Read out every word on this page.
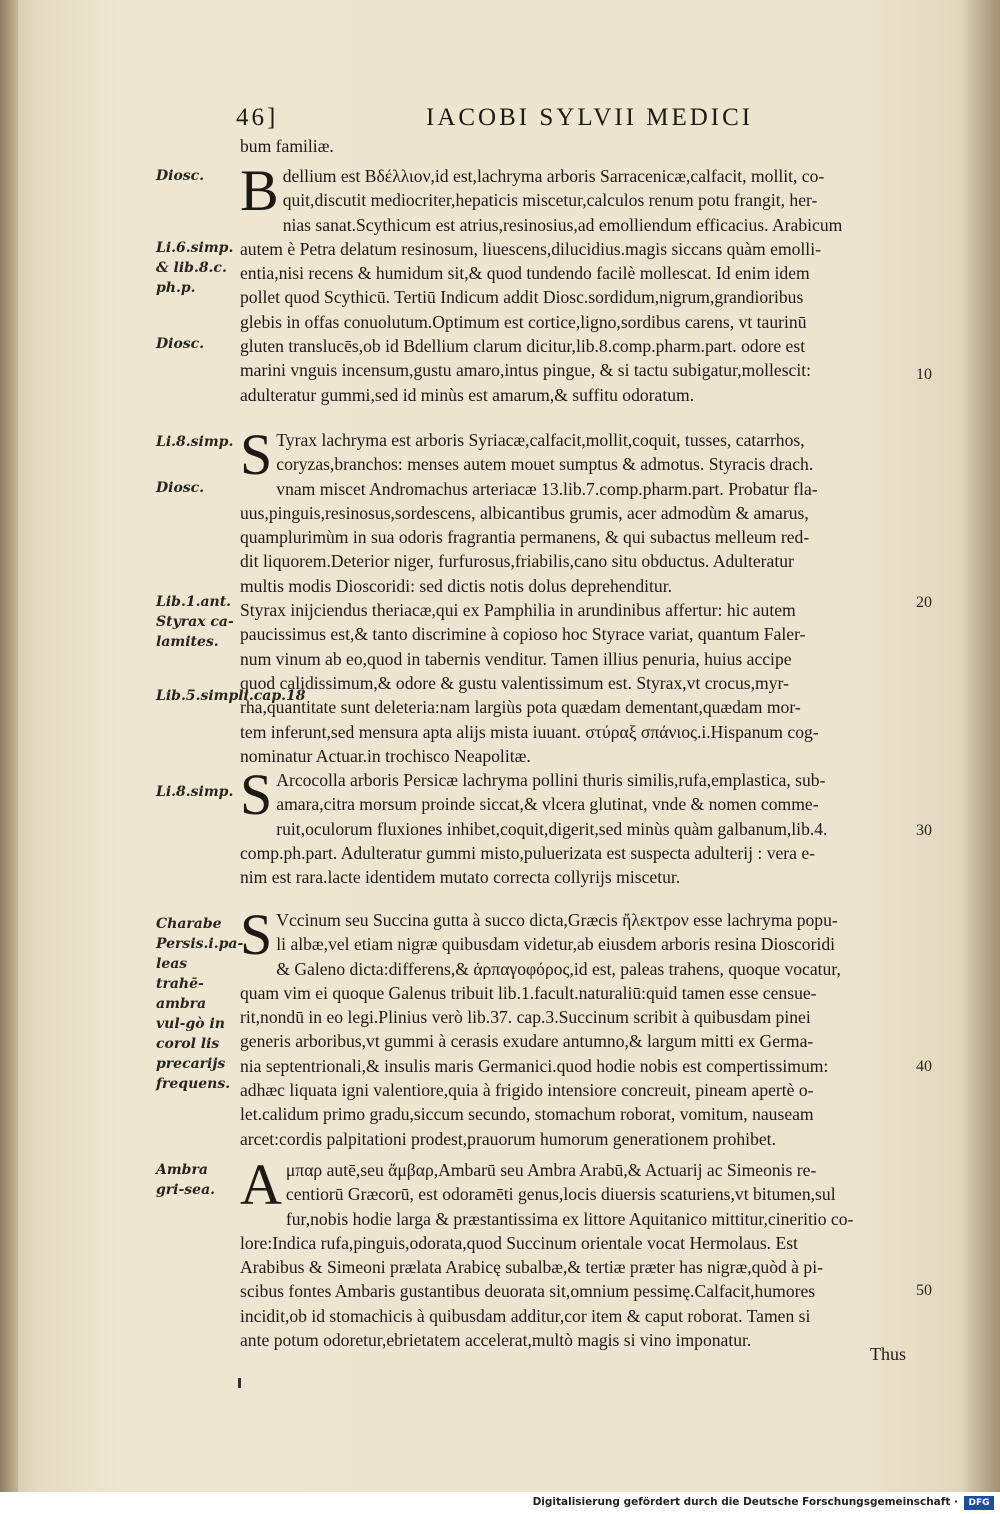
46]	IACOBI SYLVII MEDICI
bum familiæ.
B dellium est Βδέλλιον,id est,lachryma arboris Sarracenicæ,calfacit, mollit, co-
quit,discutit mediocriter,hepaticis miscetur,calculos renum potu frangit, her-
nias sanat.Scythicum est atrius,resinosius,ad emolliendum efficacius. Arabicum
autem è Petra delatum resinosum, liuescens,dilucidius.magis siccans quàm emolli-
entia,nisi recens & humidum sit,& quod tundendo facilè mollescat. Id enim idem
pollet quod Scythicū. Tertiū Indicum addit Diosc.sordidum,nigrum,grandioribus
glebis in offas conuolutum.Optimum est cortice,ligno,sordibus carens, vt taurinū
gluten translucēs,ob id Bdellium clarum dicitur,lib.8.comp.pharm.part. odore est
marini vnguis incensum,gustu amaro,intus pingue, & si tactu subigatur,mollescit:
adulteratur gummi,sed id minùs est amarum,& suffitu odoratum.
S Tyrax lachryma est arboris Syriacæ,calfacit,mollit,coquit, tusses, catarrhos,
coryzas,branchos: menses autem mouet sumptus & admotus. Styracis drach.
vnam miscet Andromachus arteriacæ 13.lib.7.comp.pharm.part. Probatur fla-
uus,pinguis,resinosus,sordescens, albicantibus grumis, acer admodùm & amarus,
quamplurimùm in sua odoris fragrantia permanens, & qui subactus melleum red-
dit liquorem.Deterior niger, furfurosus,friabilis,cano situ obductus. Adulteratur
multis modis Dioscoridi: sed dictis notis dolus deprehenditur.
Styrax inijciendus theriacæ,qui ex Pamphilia in arundinibus affertur: hic autem
paucissimus est,& tanto discrimine à copioso hoc Styrace variat, quantum Faler-
num vinum ab eo,quod in tabernis venditur. Tamen illius penuria, huius accipe
quod calidissimum,& odore & gustu valentissimum est. Styrax,vt crocus,myr-
rha,quantitate sunt deleteria:nam largiùs pota quædam dementant,quædam mor-
tem inferunt,sed mensura apta alijs mista iuuant. στύραξ σπάνιος.i.Hispanum cog-
nominatur Actuar.in trochisco Neapolitæ.
S Arcocolla arboris Persicæ lachryma pollini thuris similis,rufa,emplastica, sub-
amara,citra morsum proinde siccat,& vlcera glutinat, vnde & nomen comme-
ruit,oculorum fluxiones inhibet,coquit,digerit,sed minùs quàm galbanum,lib.4.
comp.ph.part. Adulteratur gummi misto,puluerizata est suspecta adulterij : vera e-
nim est rara.lacte identidem mutato correcta collyrijs miscetur.
S Vccinum seu Succina gutta à succo dicta,Græcis ἤλεκτρον esse lachryma popu-
li albæ,vel etiam nigræ quibusdam videtur,ab eiusdem arboris resina Dioscoridi
& Galeno dicta:differens,& ἁρπαγοφόρος,id est, paleas trahens, quoque vocatur,
quam vim ei quoque Galenus tribuit lib.1.facult.naturaliū:quid tamen esse censue-
rit,nondū in eo legi.Plinius verò lib.37. cap.3.Succinum scribit à quibusdam pinei
generis arboribus,vt gummi à cerasis exudare antumno,& largum mitti ex Germa-
nia septentrionali,& insulis maris Germanici.quod hodie nobis est compertissimum:
adhæc liquata igni valentiore,quia à frigido intensiore concreuit, pineam apertè o-
let.calidum primo gradu,siccum secundo, stomachum roborat, vomitum, nauseam
arcet:cordis palpitationi prodest,prauorum humorum generationem prohibet.
A μπαρ autē,seu ἄμβαρ,Ambarū seu Ambra Arabū,& Actuarij ac Simeonis re-
centiorū Græcorū, est odoramēti genus,locis diuersis scaturiens,vt bitumen,sul
fur,nobis hodie larga & præstantissima ex littore Aquitanico mittitur,cineritio co-
lore:Indica rufa,pinguis,odorata,quod Succinum orientale vocat Hermolaus. Est
Arabibus & Simeoni prælata Arabicę subalbæ,& tertiæ præter has nigræ,quòd à pi-
scibus fontes Ambaris gustantibus deuorata sit,omnium pessimę.Calfacit,humores
incidit,ob id stomachicis à quibusdam additur,cor item & caput roborat. Tamen si
ante potum odoretur,ebrietatem accelerat,multò magis si vino imponatur.
Diosc.
Li.6.simp. & lib.8.c. ph.p.
Diosc.
Li.8.simp.
Diosc.
Lib.1.ant. Styrax ca-lamites.
Lib.5.simpli.cap.18
Li.8.simp.
Charabe Persis.i.pa-leas trahē- ambra vul-gò in corol lis precarijs frequens.
Ambra gri-sea.
10
20
30
40
50
Thus
Digitalisierung gefördert durch die Deutsche Forschungsgemeinschaft ·	DFG
